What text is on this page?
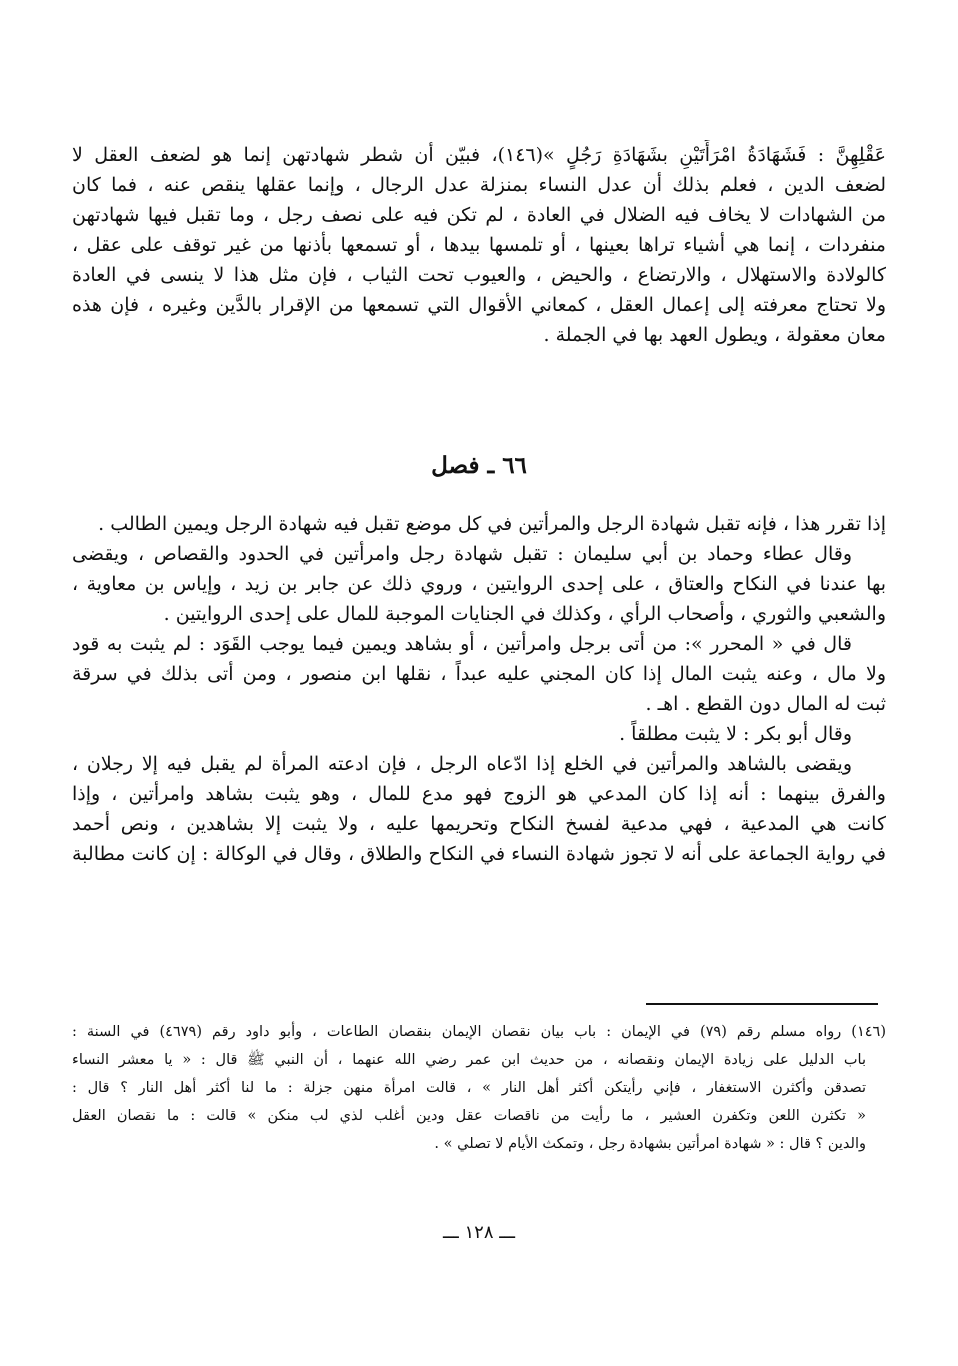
عَقْلِهِنَّ : فَشَهَادَةُ امْرَأَتَيْنِ بشَهَادَةِ رَجُلٍ »(١٤٦)، فبيّن أن شطر شهادتهن إنما هو لضعف العقل لا
لضعف الدين ، فعلم بذلك أن عدل النساء بمنزلة عدل الرجال ، وإنما عقلها ينقص عنه ، فما كان
من الشهادات لا يخاف فيه الضلال في العادة ، لم تكن فيه على نصف رجل ، وما تقبل فيها شهادتهن
منفردات ، إنما هي أشياء تراها بعينها ، أو تلمسها بيدها ، أو تسمعها بأذنها من غير توقف على عقل ،
كالولادة والاستهلال ، والارتضاع ، والحيض ، والعيوب تحت الثياب ، فإن مثل هذا لا ينسى في العادة
ولا تحتاج معرفته إلى إعمال العقل ، كمعاني الأقوال التي تسمعها من الإقرار بالدَّين وغيره ، فإن هذه
معان معقولة ، ويطول العهد بها في الجملة .
٦٦ ـ فصل
إذا تقرر هذا ، فإنه تقبل شهادة الرجل والمرأتين في كل موضع تقبل فيه شهادة الرجل ويمين الطالب .
وقال عطاء وحماد بن أبي سليمان : تقبل شهادة رجل وامرأتين في الحدود والقصاص ، ويقضى
بها عندنا في النكاح والعتاق ، على إحدى الروايتين ، وروي ذلك عن جابر بن زيد ، وإياس بن معاوية ،
والشعبي والثوري ، وأصحاب الرأي ، وكذلك في الجنايات الموجبة للمال على إحدى الروايتين .
قال في « المحرر »: من أتى برجل وامرأتين ، أو بشاهد ويمين فيما يوجب القَوَد : لم يثبت به قود
ولا مال ، وعنه يثبت المال إذا كان المجني عليه عبداً ، نقلها ابن منصور ، ومن أتى بذلك في سرقة
ثبت له المال دون القطع . اهـ .
وقال أبو بكر : لا يثبت مطلقاً .
ويقضى بالشاهد والمرأتين في الخلع إذا ادّعاه الرجل ، فإن ادعته المرأة لم يقبل فيه إلا رجلان ،
والفرق بينهما : أنه إذا كان المدعي هو الزوج فهو مدع للمال ، وهو يثبت بشاهد وامرأتين ، وإذا
كانت هي المدعية ، فهي مدعية لفسخ النكاح وتحريمها عليه ، ولا يثبت إلا بشاهدين ، ونص أحمد
في رواية الجماعة على أنه لا تجوز شهادة النساء في النكاح والطلاق ، وقال في الوكالة : إن كانت مطالبة
(١٤٦) رواه مسلم رقم (٧٩) في الإيمان : باب بيان نقصان الإيمان بنقصان الطاعات ، وأبو داود رقم (٤٦٧٩) في السنة :
باب الدليل على زيادة الإيمان ونقصانه ، من حديث ابن عمر رضي الله عنهما ، أن النبي ﷺ قال : « يا معشر النساء
تصدقن وأكثرن الاستغفار ، فإني رأيتكن أكثر أهل النار » ، قالت امرأة منهن جزلة : ما لنا أكثر أهل النار ؟ قال :
« تكثرن اللعن وتكفرن العشير ، ما رأيت من ناقصات عقل ودين أغلب لذي لب منكن » قالت : ما نقصان العقل
والدين ؟ قال : « شهادة امرأتين بشهادة رجل ، وتمكث الأيام لا تصلي » .
ـــ ١٢٨ ـــ
